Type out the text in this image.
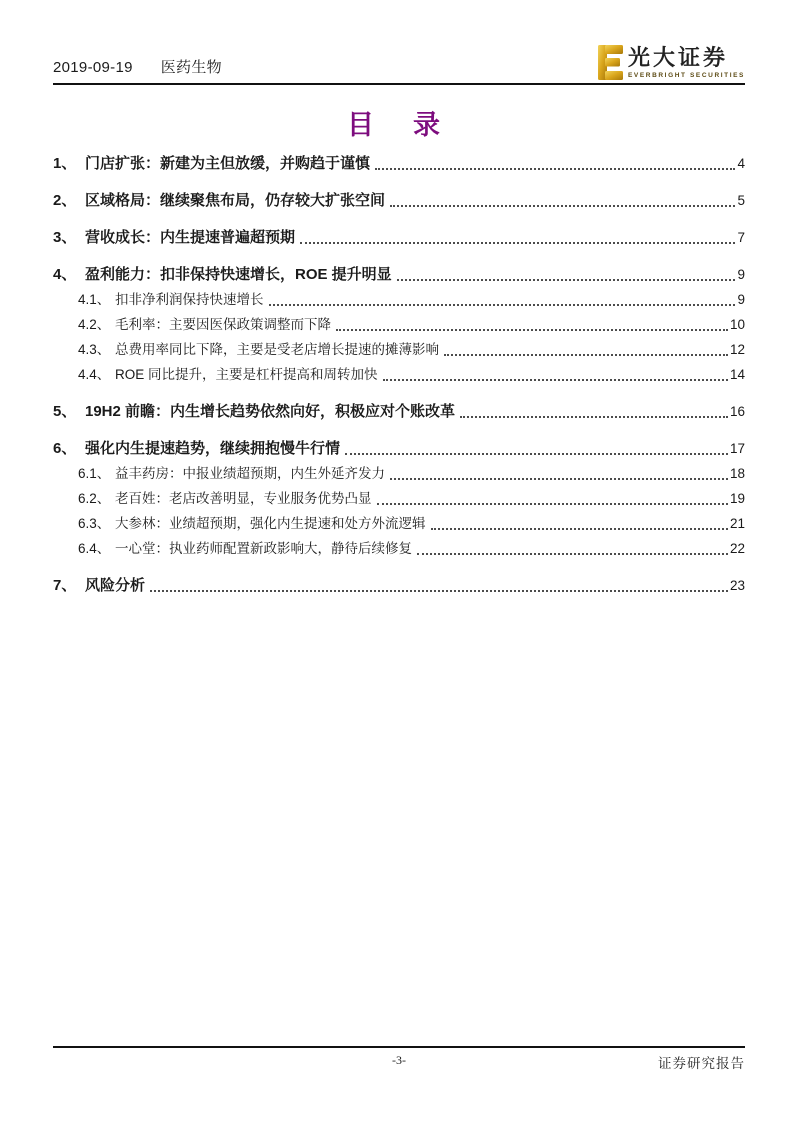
2019-09-19 医药生物	光大证券
EVERBRIGHT SECURITIES
目　录
1、 门店扩张：新建为主但放缓，并购趋于谨慎	4
2、 区域格局：继续聚焦布局，仍存较大扩张空间	5
3、 营收成长：内生提速普遍超预期	7
4、 盈利能力：扣非保持快速增长，ROE 提升明显	9
4.1、 扣非净利润保持快速增长	9
4.2、 毛利率：主要因医保政策调整而下降	10
4.3、 总费用率同比下降，主要是受老店增长提速的摊薄影响	12
4.4、 ROE 同比提升，主要是杠杆提高和周转加快	14
5、 19H2 前瞻：内生增长趋势依然向好，积极应对个账改革	16
6、 强化内生提速趋势，继续拥抱慢牛行情	17
6.1、 益丰药房：中报业绩超预期，内生外延齐发力	18
6.2、 老百姓：老店改善明显，专业服务优势凸显	19
6.3、 大参林：业绩超预期，强化内生提速和处方外流逻辑	21
6.4、 一心堂：执业药师配置新政影响大，静待后续修复	22
7、 风险分析	23
-3-	证券研究报告
